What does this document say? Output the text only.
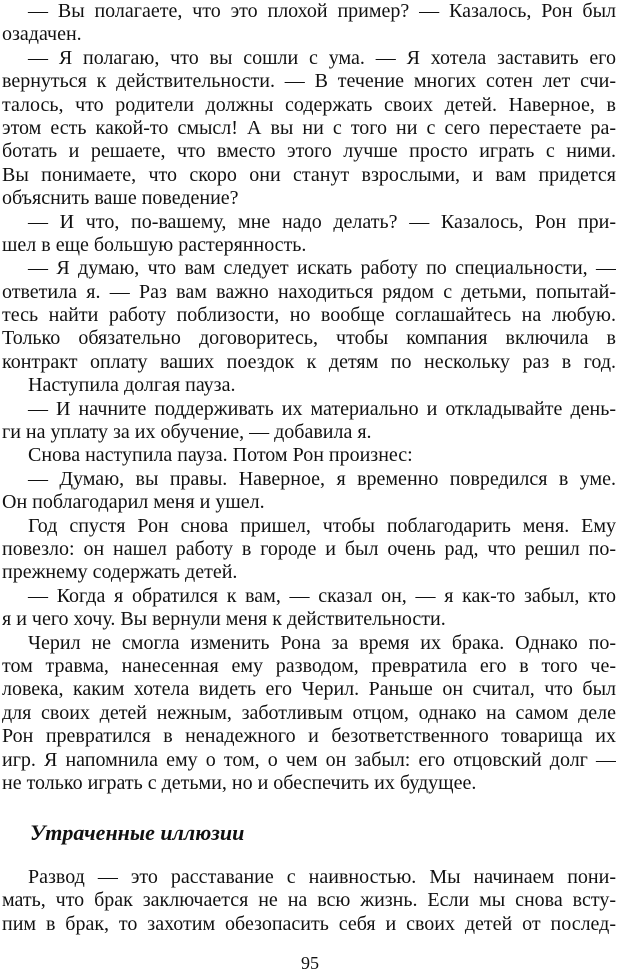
— Вы полагаете, что это плохой пример? — Казалось, Рон был
озадачен.
— Я полагаю, что вы сошли с ума. — Я хотела заставить его
вернуться к действительности. — В течение многих сотен лет счи-
талось, что родители должны содержать своих детей. Наверное, в
этом есть какой-то смысл! А вы ни с того ни с сего перестаете ра-
ботать и решаете, что вместо этого лучше просто играть с ними.
Вы понимаете, что скоро они станут взрослыми, и вам придется
объяснить ваше поведение?
— И что, по-вашему, мне надо делать? — Казалось, Рон при-
шел в еще большую растерянность.
— Я думаю, что вам следует искать работу по специальности, —
ответила я. — Раз вам важно находиться рядом с детьми, попытай-
тесь найти работу поблизости, но вообще соглашайтесь на любую.
Только обязательно договоритесь, чтобы компания включила в
контракт оплату ваших поездок к детям по нескольку раз в год.
Наступила долгая пауза.
— И начните поддерживать их материально и откладывайте день-
ги на уплату за их обучение, — добавила я.
Снова наступила пауза. Потом Рон произнес:
— Думаю, вы правы. Наверное, я временно повредился в уме.
Он поблагодарил меня и ушел.
Год спустя Рон снова пришел, чтобы поблагодарить меня. Ему
повезло: он нашел работу в городе и был очень рад, что решил по-
прежнему содержать детей.
— Когда я обратился к вам, — сказал он, — я как-то забыл, кто
я и чего хочу. Вы вернули меня к действительности.
Черил не смогла изменить Рона за время их брака. Однако по-
том травма, нанесенная ему разводом, превратила его в того че-
ловека, каким хотела видеть его Черил. Раньше он считал, что был
для своих детей нежным, заботливым отцом, однако на самом деле
Рон превратился в ненадежного и безответственного товарища их
игр. Я напомнила ему о том, о чем он забыл: его отцовский долг —
не только играть с детьми, но и обеспечить их будущее.
Утраченные иллюзии
Развод — это расставание с наивностью. Мы начинаем пони-
мать, что брак заключается не на всю жизнь. Если мы снова всту-
пим в брак, то захотим обезопасить себя и своих детей от послед-
95
